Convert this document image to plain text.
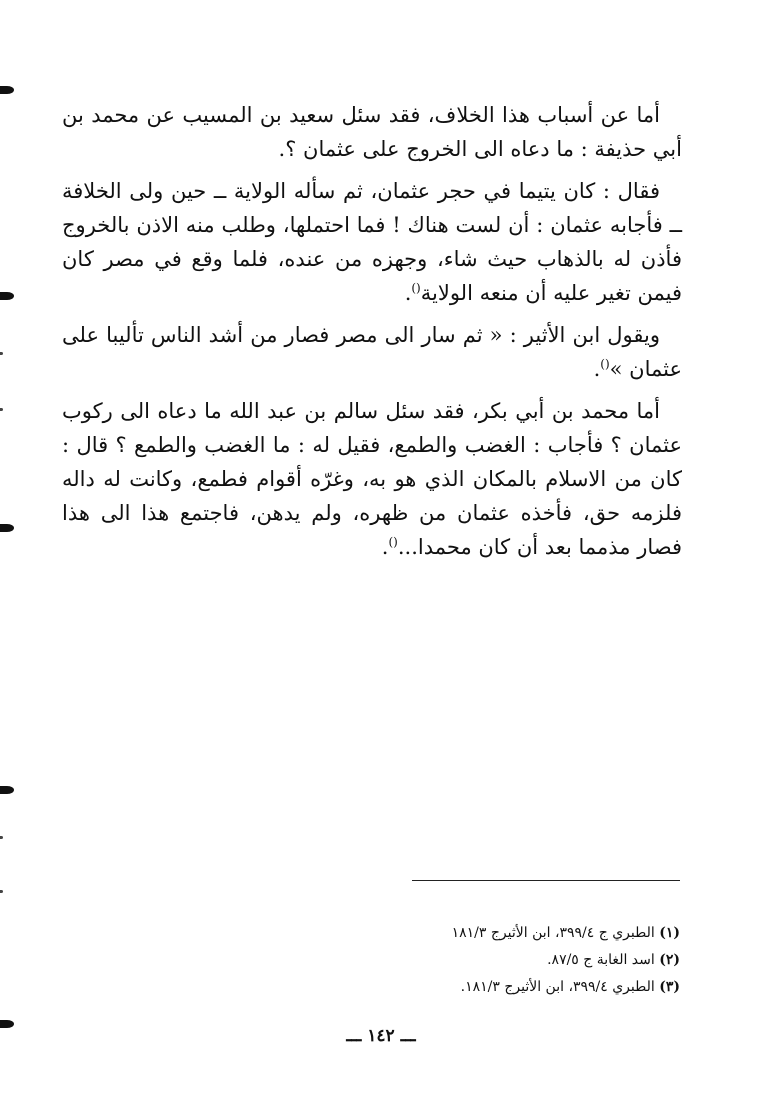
أما عن أسباب هذا الخلاف، فقد سئل سعيد بن المسيب عن محمد بن أبي حذيفة : ما دعاه الى الخروج على عثمان ؟.

فقال : كان يتيما في حجر عثمان، ثم سأله الولاية ــ حين ولى الخلافة ــ فأجابه عثمان : أن لست هناك ! فما احتملها، وطلب منه الاذن بالخروج فأذن له بالذهاب حيث شاء، وجهزه من عنده، فلما وقع في مصر كان فيمن تغير عليه أن منعه الولاية().

ويقول ابن الأثير : « ثم سار الى مصر فصار من أشد الناس تأليبا على عثمان »().

أما محمد بن أبي بكر، فقد سئل سالم بن عبد الله ما دعاه الى ركوب عثمان ؟ فأجاب : الغضب والطمع، فقيل له : ما الغضب والطمع ؟ قال : كان من الاسلام بالمكان الذي هو به، وغرّه أقوام فطمع، وكانت له داله فلزمه حق، فأخذه عثمان من ظهره، ولم يدهن، فاجتمع هذا الى هذا فصار مذمما بعد أن كان محمدا...().

(١) الطبري ج ٣٩٩/٤، ابن الأثيرج ١٨١/٣

(٢) اسد الغابة ج ٨٧/٥.

(٣) الطبري ٣٩٩/٤، ابن الأثيرج ١٨١/٣.

ـــ ١٤٢ ـــ
